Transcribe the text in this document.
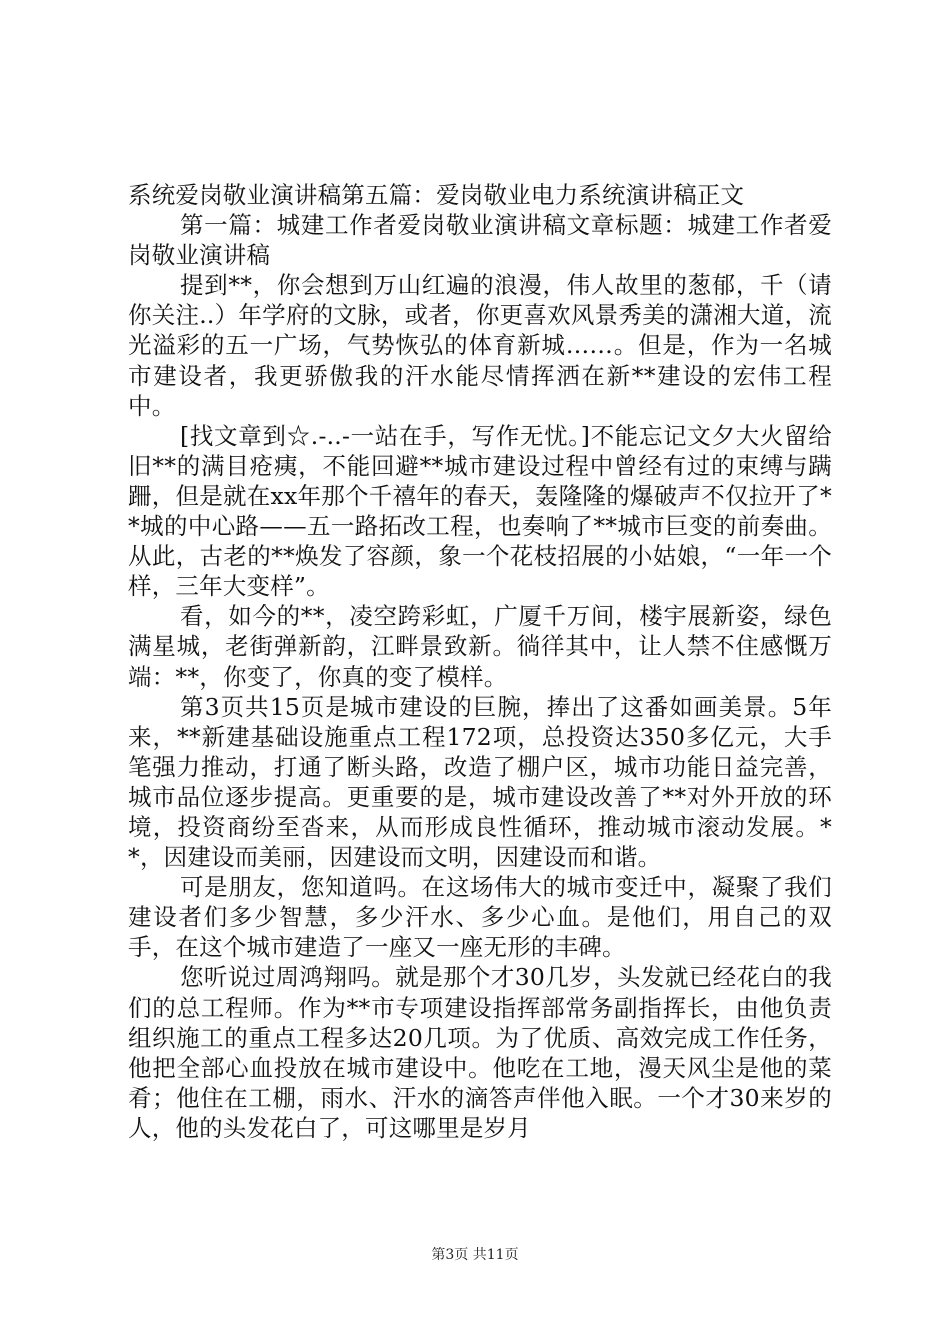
系统爱岗敬业演讲稿第五篇：爱岗敬业电力系统演讲稿正文

第一篇：城建工作者爱岗敬业演讲稿文章标题：城建工作者爱岗敬业演讲稿

提到**，你会想到万山红遍的浪漫，伟人故里的葱郁，千（请你关注..）年学府的文脉，或者，你更喜欢风景秀美的潇湘大道，流光溢彩的五一广场，气势恢弘的体育新城……。但是，作为一名城市建设者，我更骄傲我的汗水能尽情挥洒在新**建设的宏伟工程中。

[找文章到☆.-..-一站在手，写作无忧。]不能忘记文夕大火留给旧**的满目疮痍，不能回避**城市建设过程中曾经有过的束缚与蹒跚，但是就在xx年那个千禧年的春天，轰隆隆的爆破声不仅拉开了**城的中心路——五一路拓改工程，也奏响了**城市巨变的前奏曲。从此，古老的**焕发了容颜，象一个花枝招展的小姑娘，“一年一个样，三年大变样”。

看，如今的**，凌空跨彩虹，广厦千万间，楼宇展新姿，绿色满星城，老街弹新韵，江畔景致新。徜徉其中，让人禁不住感慨万端：**，你变了，你真的变了模样。

第3页共15页是城市建设的巨腕，捧出了这番如画美景。5年来，**新建基础设施重点工程172项，总投资达350多亿元，大手笔强力推动，打通了断头路，改造了棚户区，城市功能日益完善，城市品位逐步提高。更重要的是，城市建设改善了**对外开放的环境，投资商纷至沓来，从而形成良性循环，推动城市滚动发展。**，因建设而美丽，因建设而文明，因建设而和谐。

可是朋友，您知道吗。在这场伟大的城市变迁中，凝聚了我们建设者们多少智慧，多少汗水、多少心血。是他们，用自己的双手，在这个城市建造了一座又一座无形的丰碑。

您听说过周鸿翔吗。就是那个才30几岁，头发就已经花白的我们的总工程师。作为**市专项建设指挥部常务副指挥长，由他负责组织施工的重点工程多达20几项。为了优质、高效完成工作任务，他把全部心血投放在城市建设中。他吃在工地，漫天风尘是他的菜肴；他住在工棚，雨水、汗水的滴答声伴他入眠。一个才30来岁的人，他的头发花白了，可这哪里是岁月

第3页 共11页
